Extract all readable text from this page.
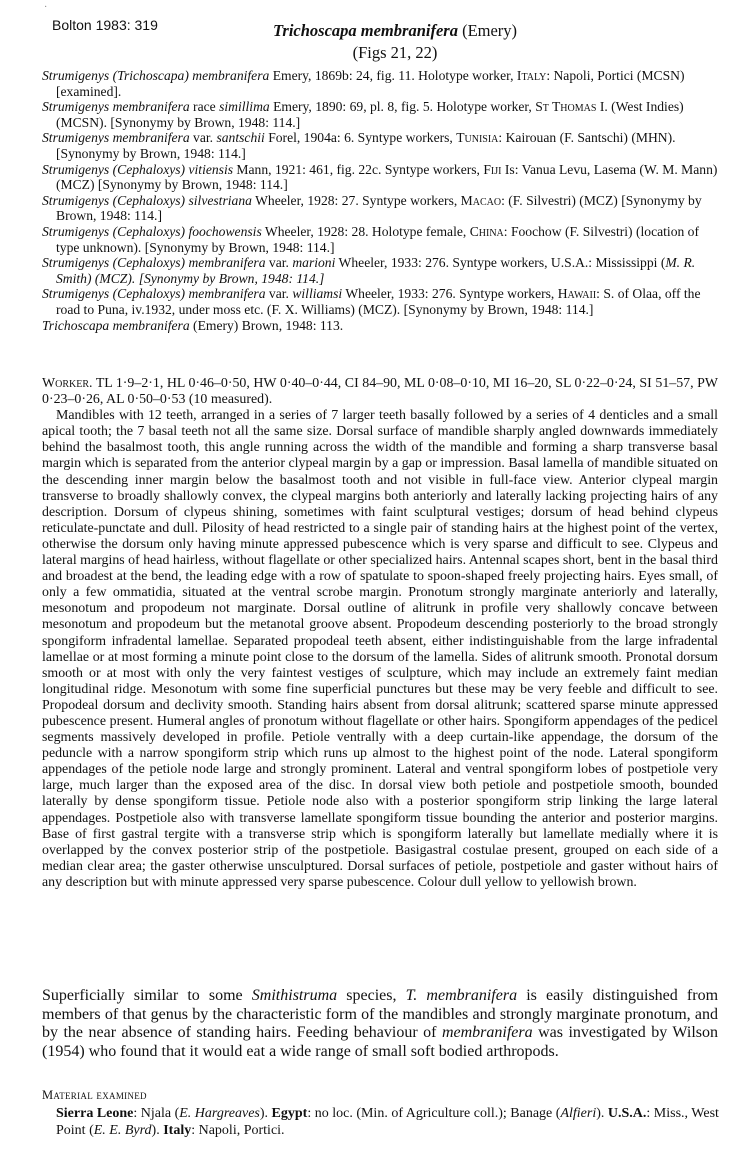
·
Bolton 1983: 319	Trichoscapa membranifera (Emery)
(Figs 21, 22)

Strumigenys (Trichoscapa) membranifera Emery, 1869b: 24, fig. 11. Holotype worker, Italy: Napoli, Portici (MCSN) [examined].

Strumigenys membranifera race simillima Emery, 1890: 69, pl. 8, fig. 5. Holotype worker, St Thomas I. (West Indies) (MCSN). [Synonymy by Brown, 1948: 114.]

Strumigenys membranifera var. santschii Forel, 1904a: 6. Syntype workers, Tunisia: Kairouan (F. Santschi) (MHN). [Synonymy by Brown, 1948: 114.]

Strumigenys (Cephaloxys) vitiensis Mann, 1921: 461, fig. 22c. Syntype workers, Fiji Is: Vanua Levu, Lasema (W. M. Mann) (MCZ) [Synonymy by Brown, 1948: 114.]

Strumigenys (Cephaloxys) silvestriana Wheeler, 1928: 27. Syntype workers, Macao: (F. Silvestri) (MCZ) [Synonymy by Brown, 1948: 114.]

Strumigenys (Cephaloxys) foochowensis Wheeler, 1928: 28. Holotype female, China: Foochow (F. Silvestri) (location of type unknown). [Synonymy by Brown, 1948: 114.]

Strumigenys (Cephaloxys) membranifera var. marioni Wheeler, 1933: 276. Syntype workers, U.S.A.: Mississippi (M. R. Smith) (MCZ). [Synonymy by Brown, 1948: 114.]

Strumigenys (Cephaloxys) membranifera var. williamsi Wheeler, 1933: 276. Syntype workers, Hawaii: S. of Olaa, off the road to Puna, iv.1932, under moss etc. (F. X. Williams) (MCZ). [Synonymy by Brown, 1948: 114.]

Trichoscapa membranifera (Emery) Brown, 1948: 113.

Worker. TL 1·9–2·1, HL 0·46–0·50, HW 0·40–0·44, CI 84–90, ML 0·08–0·10, MI 16–20, SL 0·22–0·24, SI 51–57, PW 0·23–0·26, AL 0·50–0·53 (10 measured).

Mandibles with 12 teeth, arranged in a series of 7 larger teeth basally followed by a series of 4 denticles and a small apical tooth; the 7 basal teeth not all the same size. Dorsal surface of mandible sharply angled downwards immediately behind the basalmost tooth, this angle running across the width of the mandible and forming a sharp transverse basal margin which is separated from the anterior clypeal margin by a gap or impression. Basal lamella of mandible situated on the descending inner margin below the basalmost tooth and not visible in full-face view. Anterior clypeal margin transverse to broadly shallowly convex, the clypeal margins both anteriorly and laterally lacking projecting hairs of any description. Dorsum of clypeus shining, sometimes with faint sculptural vestiges; dorsum of head behind clypeus reticulate-punctate and dull. Pilosity of head restricted to a single pair of standing hairs at the highest point of the vertex, otherwise the dorsum only having minute appressed pubescence which is very sparse and difficult to see. Clypeus and lateral margins of head hairless, without flagellate or other specialized hairs. Antennal scapes short, bent in the basal third and broadest at the bend, the leading edge with a row of spatulate to spoon-shaped freely projecting hairs. Eyes small, of only a few ommatidia, situated at the ventral scrobe margin. Pronotum strongly marginate anteriorly and laterally, mesonotum and propodeum not marginate. Dorsal outline of alitrunk in profile very shallowly concave between mesonotum and propodeum but the metanotal groove absent. Propodeum descending posteriorly to the broad strongly spongiform infradental lamellae. Separated propodeal teeth absent, either indistinguishable from the large infradental lamellae or at most forming a minute point close to the dorsum of the lamella. Sides of alitrunk smooth. Pronotal dorsum smooth or at most with only the very faintest vestiges of sculpture, which may include an extremely faint median longitudinal ridge. Mesonotum with some fine superficial punctures but these may be very feeble and difficult to see. Propodeal dorsum and declivity smooth. Standing hairs absent from dorsal alitrunk; scattered sparse minute appressed pubescence present. Humeral angles of pronotum without flagellate or other hairs. Spongiform appendages of the pedicel segments massively developed in profile. Petiole ventrally with a deep curtain-like appendage, the dorsum of the peduncle with a narrow spongiform strip which runs up almost to the highest point of the node. Lateral spongiform appendages of the petiole node large and strongly prominent. Lateral and ventral spongiform lobes of postpetiole very large, much larger than the exposed area of the disc. In dorsal view both petiole and postpetiole smooth, bounded laterally by dense spongiform tissue. Petiole node also with a posterior spongiform strip linking the large lateral appendages. Postpetiole also with transverse lamellate spongiform tissue bounding the anterior and posterior margins. Base of first gastral tergite with a transverse strip which is spongiform laterally but lamellate medially where it is overlapped by the convex posterior strip of the postpetiole. Basigastral costulae present, grouped on each side of a median clear area; the gaster otherwise unsculptured. Dorsal surfaces of petiole, postpetiole and gaster without hairs of any description but with minute appressed very sparse pubescence. Colour dull yellow to yellowish brown.

Superficially similar to some Smithistruma species, T. membranifera is easily distinguished from members of that genus by the characteristic form of the mandibles and strongly marginate pronotum, and by the near absence of standing hairs. Feeding behaviour of membranifera was investigated by Wilson (1954) who found that it would eat a wide range of small soft bodied arthropods.
Material examined
Sierra Leone: Njala (E. Hargreaves). Egypt: no loc. (Min. of Agriculture coll.); Banage (Alfieri). U.S.A.: Miss., West Point (E. E. Byrd). Italy: Napoli, Portici.
